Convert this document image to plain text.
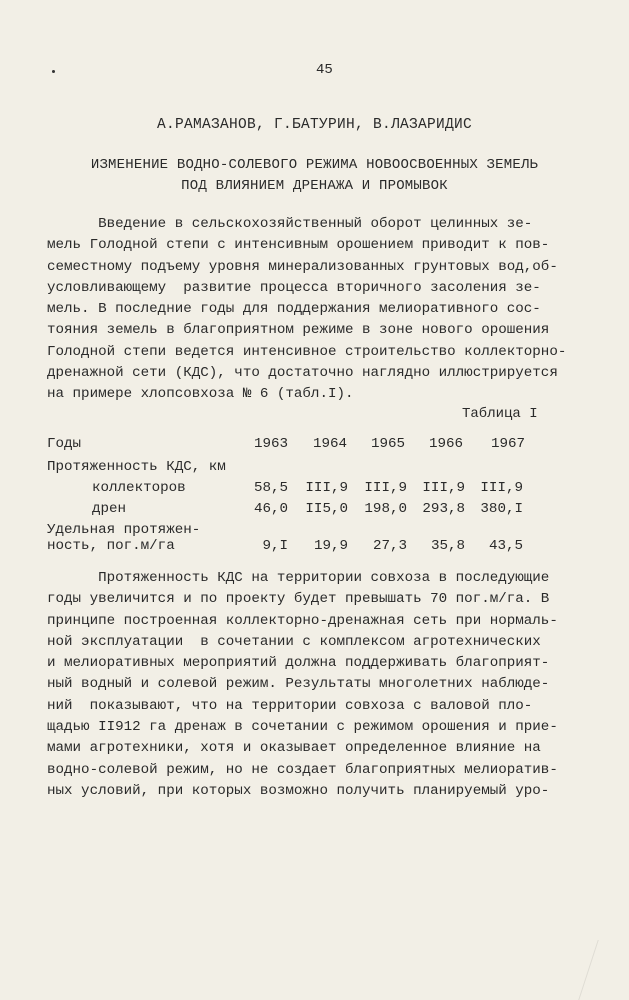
45
А.РАМАЗАНОВ, Г.БАТУРИН, В.ЛАЗАРИДИС
ИЗМЕНЕНИЕ ВОДНО-СОЛЕВОГО РЕЖИМА НОВООСВОЕННЫХ ЗЕМЕЛЬ
ПОД ВЛИЯНИЕМ ДРЕНАЖА И ПРОМЫВОК

Введение в сельскохозяйственный оборот целинных зе-
мель Голодной степи с интенсивным орошением приводит к пов-
семестному подъему уровня минерализованных грунтовых вод,об-
условливающему  развитие процесса вторичного засоления зе-
мель. В последние годы для поддержания мелиоративного сос-
тояния земель в благоприятном режиме в зоне нового орошения
Голодной степи ведется интенсивное строительство коллекторно-
дренажной сети (КДС), что достаточно наглядно иллюстрируется
на примере хлопсовхоза № 6 (табл.I).

Таблица I
Годы	1963	1964	1965	1966	1967
Протяженность КДС, км
коллекторов	58,5	III,9	III,9	III,9	III,9
дрен	46,0	II5,0	198,0	293,8	380,I
Удельная протяжен-
ность, пог.м/га	9,I	19,9	27,3	35,8	43,5

Протяженность КДС на территории совхоза в последующие
годы увеличится и по проекту будет превышать 70 пог.м/га. В
принципе построенная коллекторно-дренажная сеть при нормаль-
ной эксплуатации  в сочетании с комплексом агротехнических
и мелиоративных мероприятий должна поддерживать благоприят-
ный водный и солевой режим. Результаты многолетних наблюде-
ний  показывают, что на территории совхоза с валовой пло-
щадью II912 га дренаж в сочетании с режимом орошения и прие-
мами агротехники, хотя и оказывает определенное влияние на
водно-солевой режим, но не создает благоприятных мелиоратив-
ных условий, при которых возможно получить планируемый уро-
